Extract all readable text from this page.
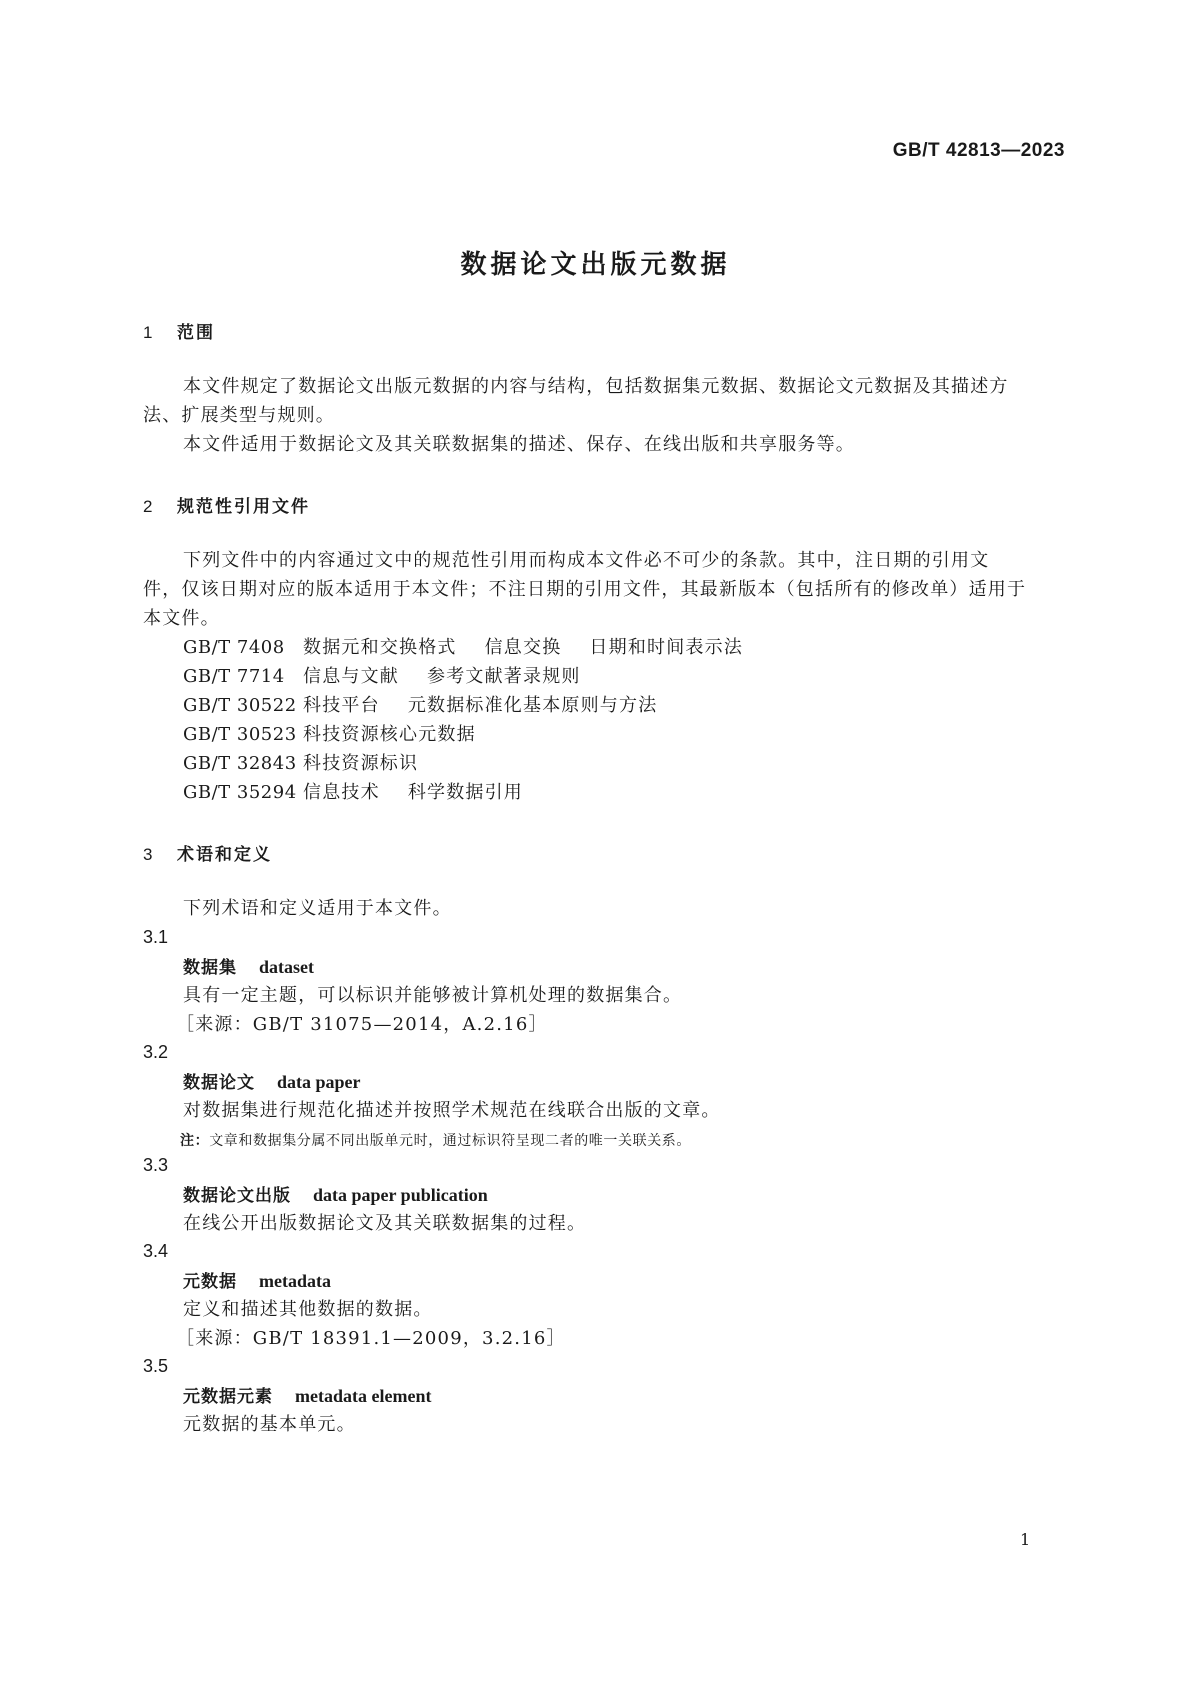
GB/T 42813—2023
数据论文出版元数据
1 范围
本文件规定了数据论文出版元数据的内容与结构，包括数据集元数据、数据论文元数据及其描述方
法、扩展类型与规则。
本文件适用于数据论文及其关联数据集的描述、保存、在线出版和共享服务等。
2 规范性引用文件
下列文件中的内容通过文中的规范性引用而构成本文件必不可少的条款。其中，注日期的引用文
件，仅该日期对应的版本适用于本文件；不注日期的引用文件，其最新版本（包括所有的修改单）适用于
本文件。
GB/T 7408 数据元和交换格式 信息交换 日期和时间表示法
GB/T 7714 信息与文献 参考文献著录规则
GB/T 30522 科技平台 元数据标准化基本原则与方法
GB/T 30523 科技资源核心元数据
GB/T 32843 科技资源标识
GB/T 35294 信息技术 科学数据引用
3 术语和定义
下列术语和定义适用于本文件。
3.1
数据集 dataset
具有一定主题，可以标识并能够被计算机处理的数据集合。
［来源：GB/T 31075—2014，A.2.16］
3.2
数据论文 data paper
对数据集进行规范化描述并按照学术规范在线联合出版的文章。
注：文章和数据集分属不同出版单元时，通过标识符呈现二者的唯一关联关系。
3.3
数据论文出版 data paper publication
在线公开出版数据论文及其关联数据集的过程。
3.4
元数据 metadata
定义和描述其他数据的数据。
［来源：GB/T 18391.1—2009，3.2.16］
3.5
元数据元素 metadata element
元数据的基本单元。
1
